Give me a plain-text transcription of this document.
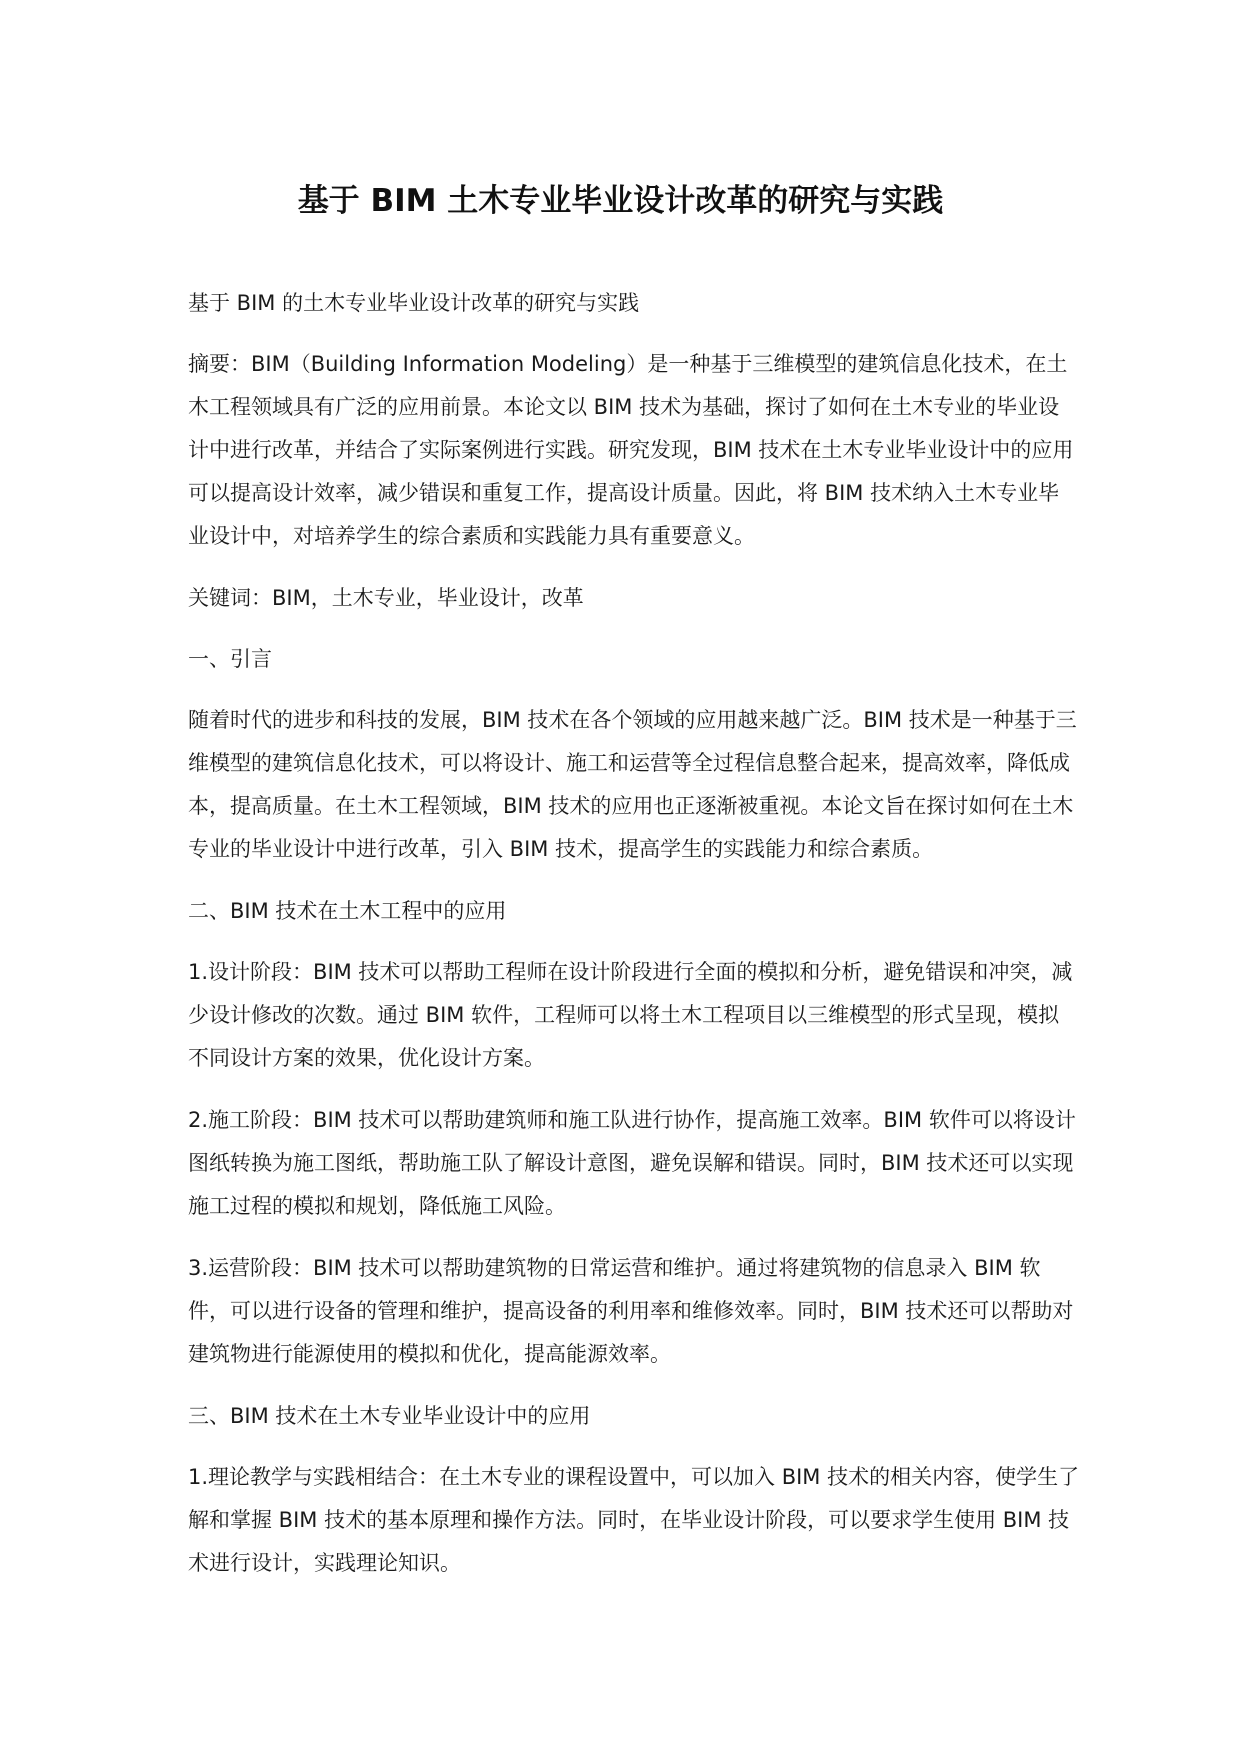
基于 BIM 土木专业毕业设计改革的研究与实践

基于 BIM 的土木专业毕业设计改革的研究与实践

摘要：BIM（Building Information Modeling）是一种基于三维模型的建筑信息化技术，在土木工程领域具有广泛的应用前景。本论文以 BIM 技术为基础，探讨了如何在土木专业的毕业设计中进行改革，并结合了实际案例进行实践。研究发现，BIM 技术在土木专业毕业设计中的应用可以提高设计效率，减少错误和重复工作，提高设计质量。因此，将 BIM 技术纳入土木专业毕业设计中，对培养学生的综合素质和实践能力具有重要意义。

关键词：BIM，土木专业，毕业设计，改革

一、引言

随着时代的进步和科技的发展，BIM 技术在各个领域的应用越来越广泛。BIM 技术是一种基于三维模型的建筑信息化技术，可以将设计、施工和运营等全过程信息整合起来，提高效率，降低成本，提高质量。在土木工程领域，BIM 技术的应用也正逐渐被重视。本论文旨在探讨如何在土木专业的毕业设计中进行改革，引入 BIM 技术，提高学生的实践能力和综合素质。

二、BIM 技术在土木工程中的应用

1.设计阶段：BIM 技术可以帮助工程师在设计阶段进行全面的模拟和分析，避免错误和冲突，减少设计修改的次数。通过 BIM 软件，工程师可以将土木工程项目以三维模型的形式呈现，模拟不同设计方案的效果，优化设计方案。

2.施工阶段：BIM 技术可以帮助建筑师和施工队进行协作，提高施工效率。BIM 软件可以将设计图纸转换为施工图纸，帮助施工队了解设计意图，避免误解和错误。同时，BIM 技术还可以实现施工过程的模拟和规划，降低施工风险。

3.运营阶段：BIM 技术可以帮助建筑物的日常运营和维护。通过将建筑物的信息录入 BIM 软件，可以进行设备的管理和维护，提高设备的利用率和维修效率。同时，BIM 技术还可以帮助对建筑物进行能源使用的模拟和优化，提高能源效率。

三、BIM 技术在土木专业毕业设计中的应用

1.理论教学与实践相结合：在土木专业的课程设置中，可以加入 BIM 技术的相关内容，使学生了解和掌握 BIM 技术的基本原理和操作方法。同时，在毕业设计阶段，可以要求学生使用 BIM 技术进行设计，实践理论知识。
